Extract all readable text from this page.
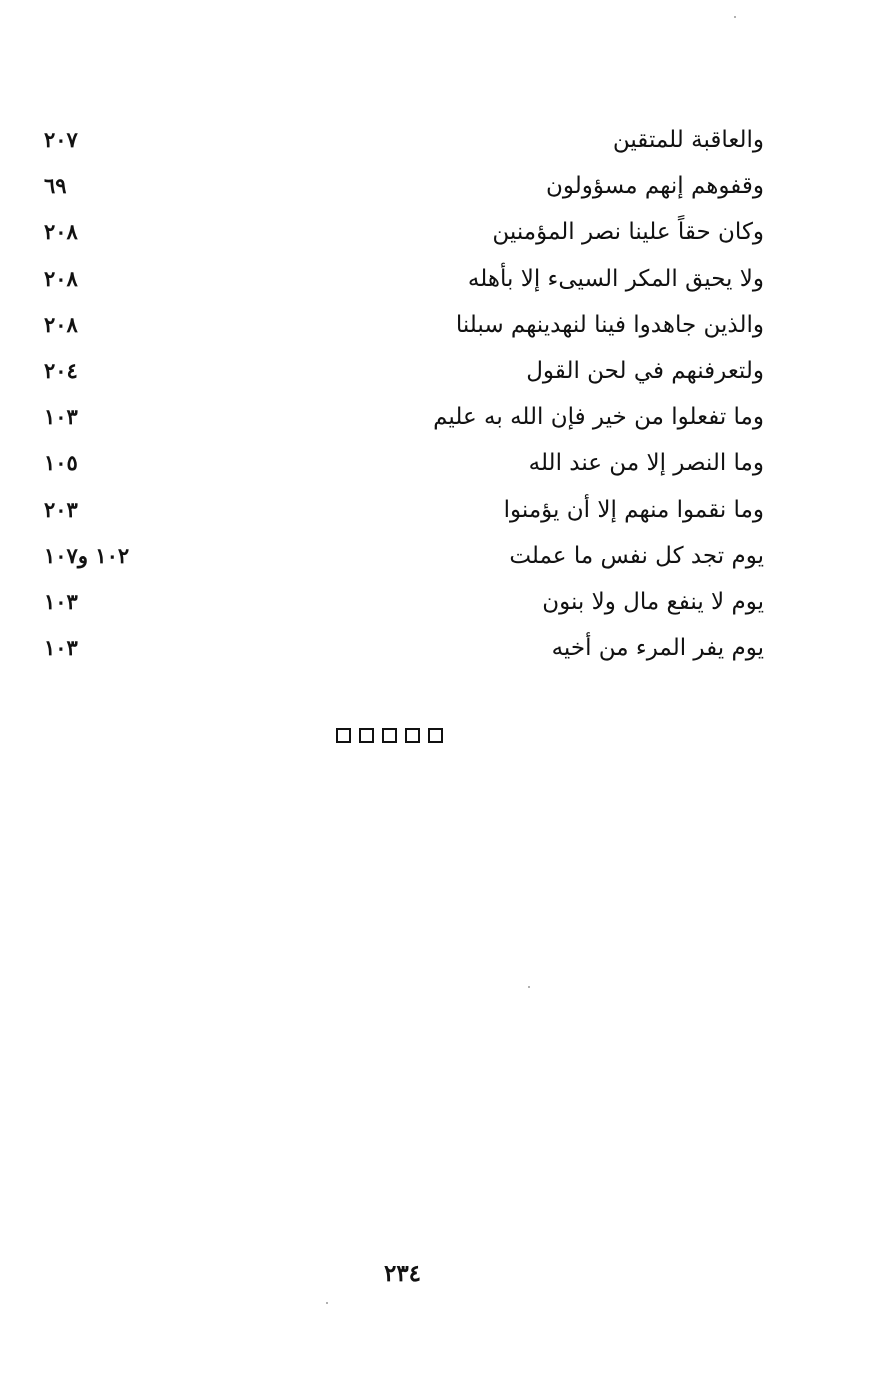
والعاقبة للمتقين
٢٠٧
وقفوهم إنهم مسؤولون
٦٩
وكان حقاً علينا نصر المؤمنين
٢٠٨
ولا يحيق المكر السيىء إلا بأهله
٢٠٨
والذين جاهدوا فينا لنهدينهم سبلنا
٢٠٨
ولتعرفنهم في لحن القول
٢٠٤
وما تفعلوا من خير فإن الله به عليم
١٠٣
وما النصر إلا من عند الله
١٠٥
وما نقموا منهم إلا أن يؤمنوا
٢٠٣
يوم تجد كل نفس ما عملت
١٠٢ و١٠٧
يوم لا ينفع مال ولا بنون
١٠٣
يوم يفر المرء من أخيه
١٠٣
٢٣٤
